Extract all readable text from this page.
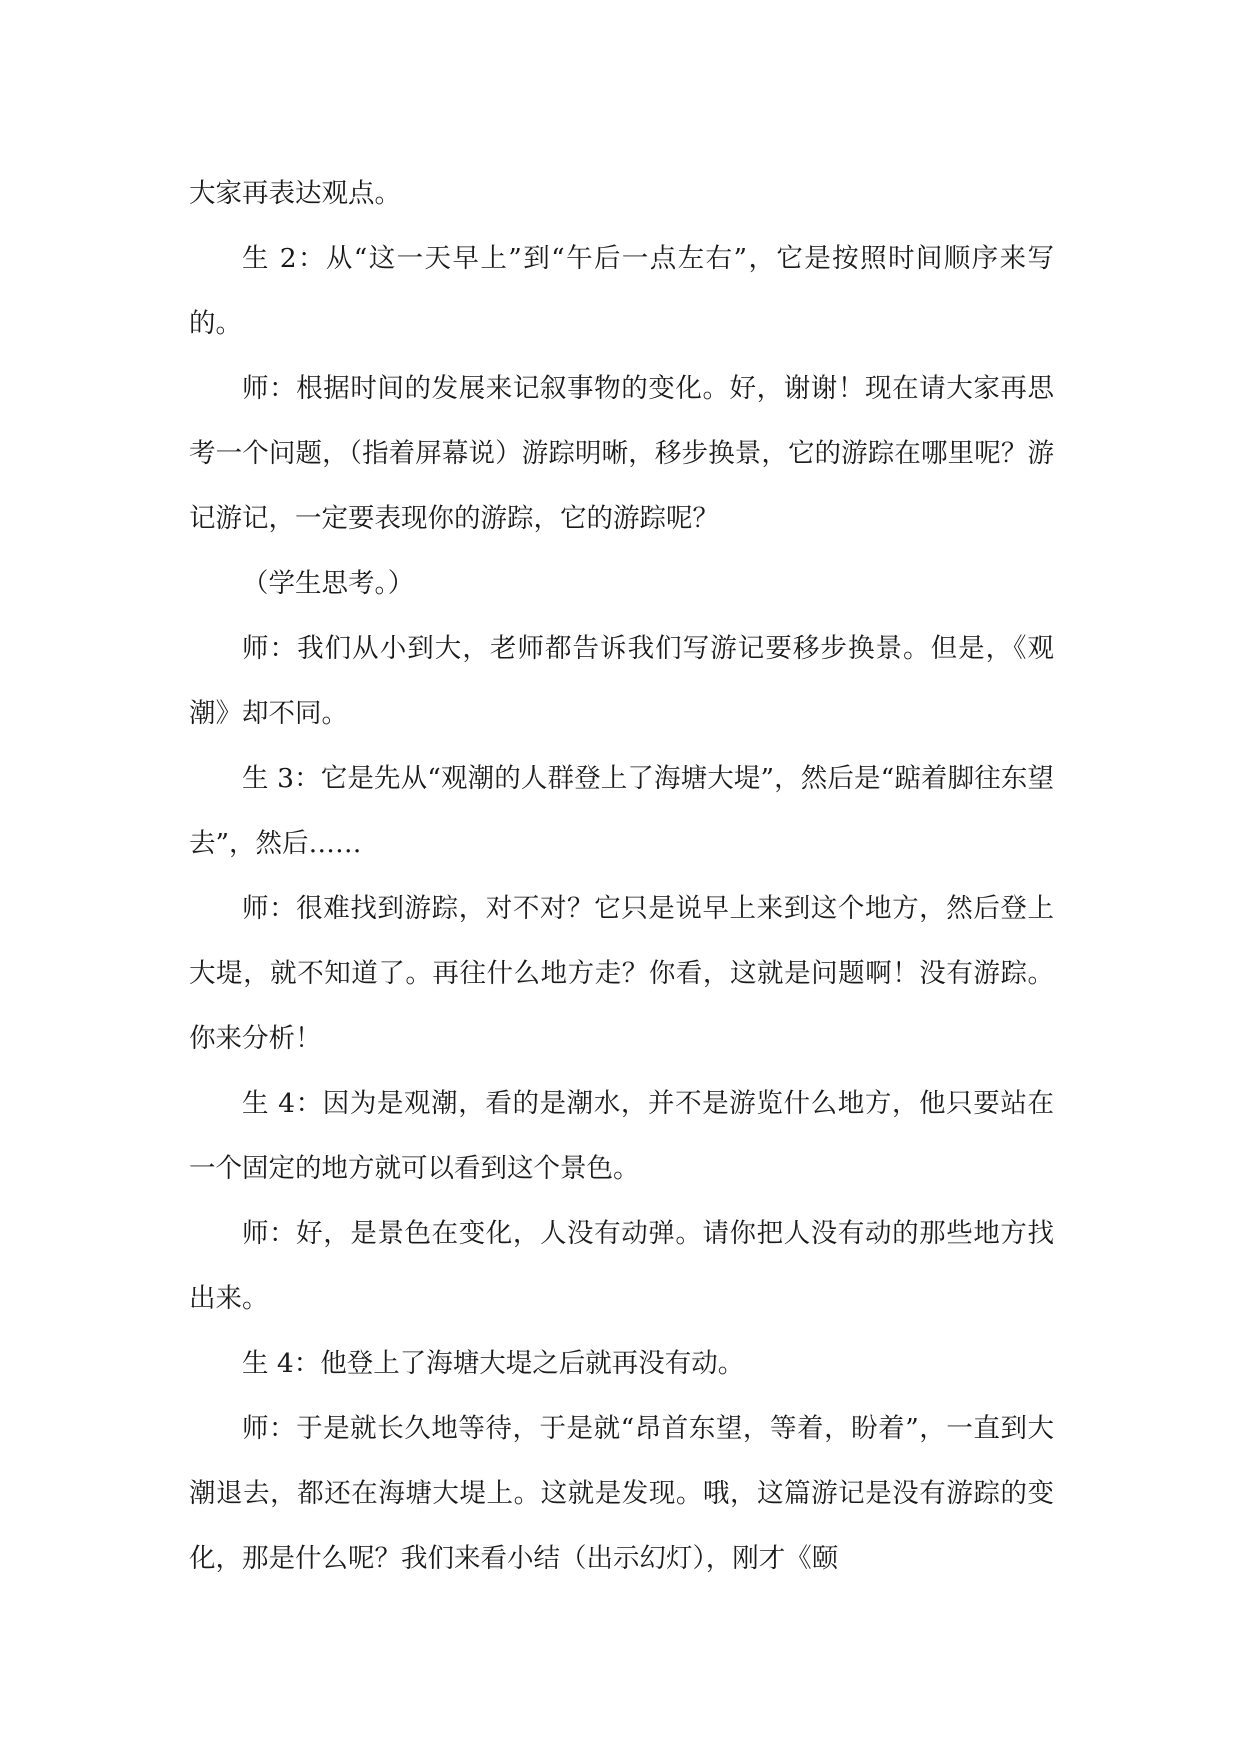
大家再表达观点。

生 2：从“这一天早上”到“午后一点左右”，它是按照时间顺序来写的。

师：根据时间的发展来记叙事物的变化。好，谢谢！现在请大家再思考一个问题，（指着屏幕说）游踪明晰，移步换景，它的游踪在哪里呢？游记游记，一定要表现你的游踪，它的游踪呢？

（学生思考。）

师：我们从小到大，老师都告诉我们写游记要移步换景。但是，《观潮》却不同。

生 3：它是先从“观潮的人群登上了海塘大堤”，然后是“踮着脚往东望去”，然后……

师：很难找到游踪，对不对？它只是说早上来到这个地方，然后登上大堤，就不知道了。再往什么地方走？你看，这就是问题啊！没有游踪。你来分析！

生 4：因为是观潮，看的是潮水，并不是游览什么地方，他只要站在一个固定的地方就可以看到这个景色。

师：好，是景色在变化，人没有动弹。请你把人没有动的那些地方找出来。

生 4：他登上了海塘大堤之后就再没有动。

师：于是就长久地等待，于是就“昂首东望，等着，盼着”，一直到大潮退去，都还在海塘大堤上。这就是发现。哦，这篇游记是没有游踪的变化，那是什么呢？我们来看小结（出示幻灯），刚才《颐
